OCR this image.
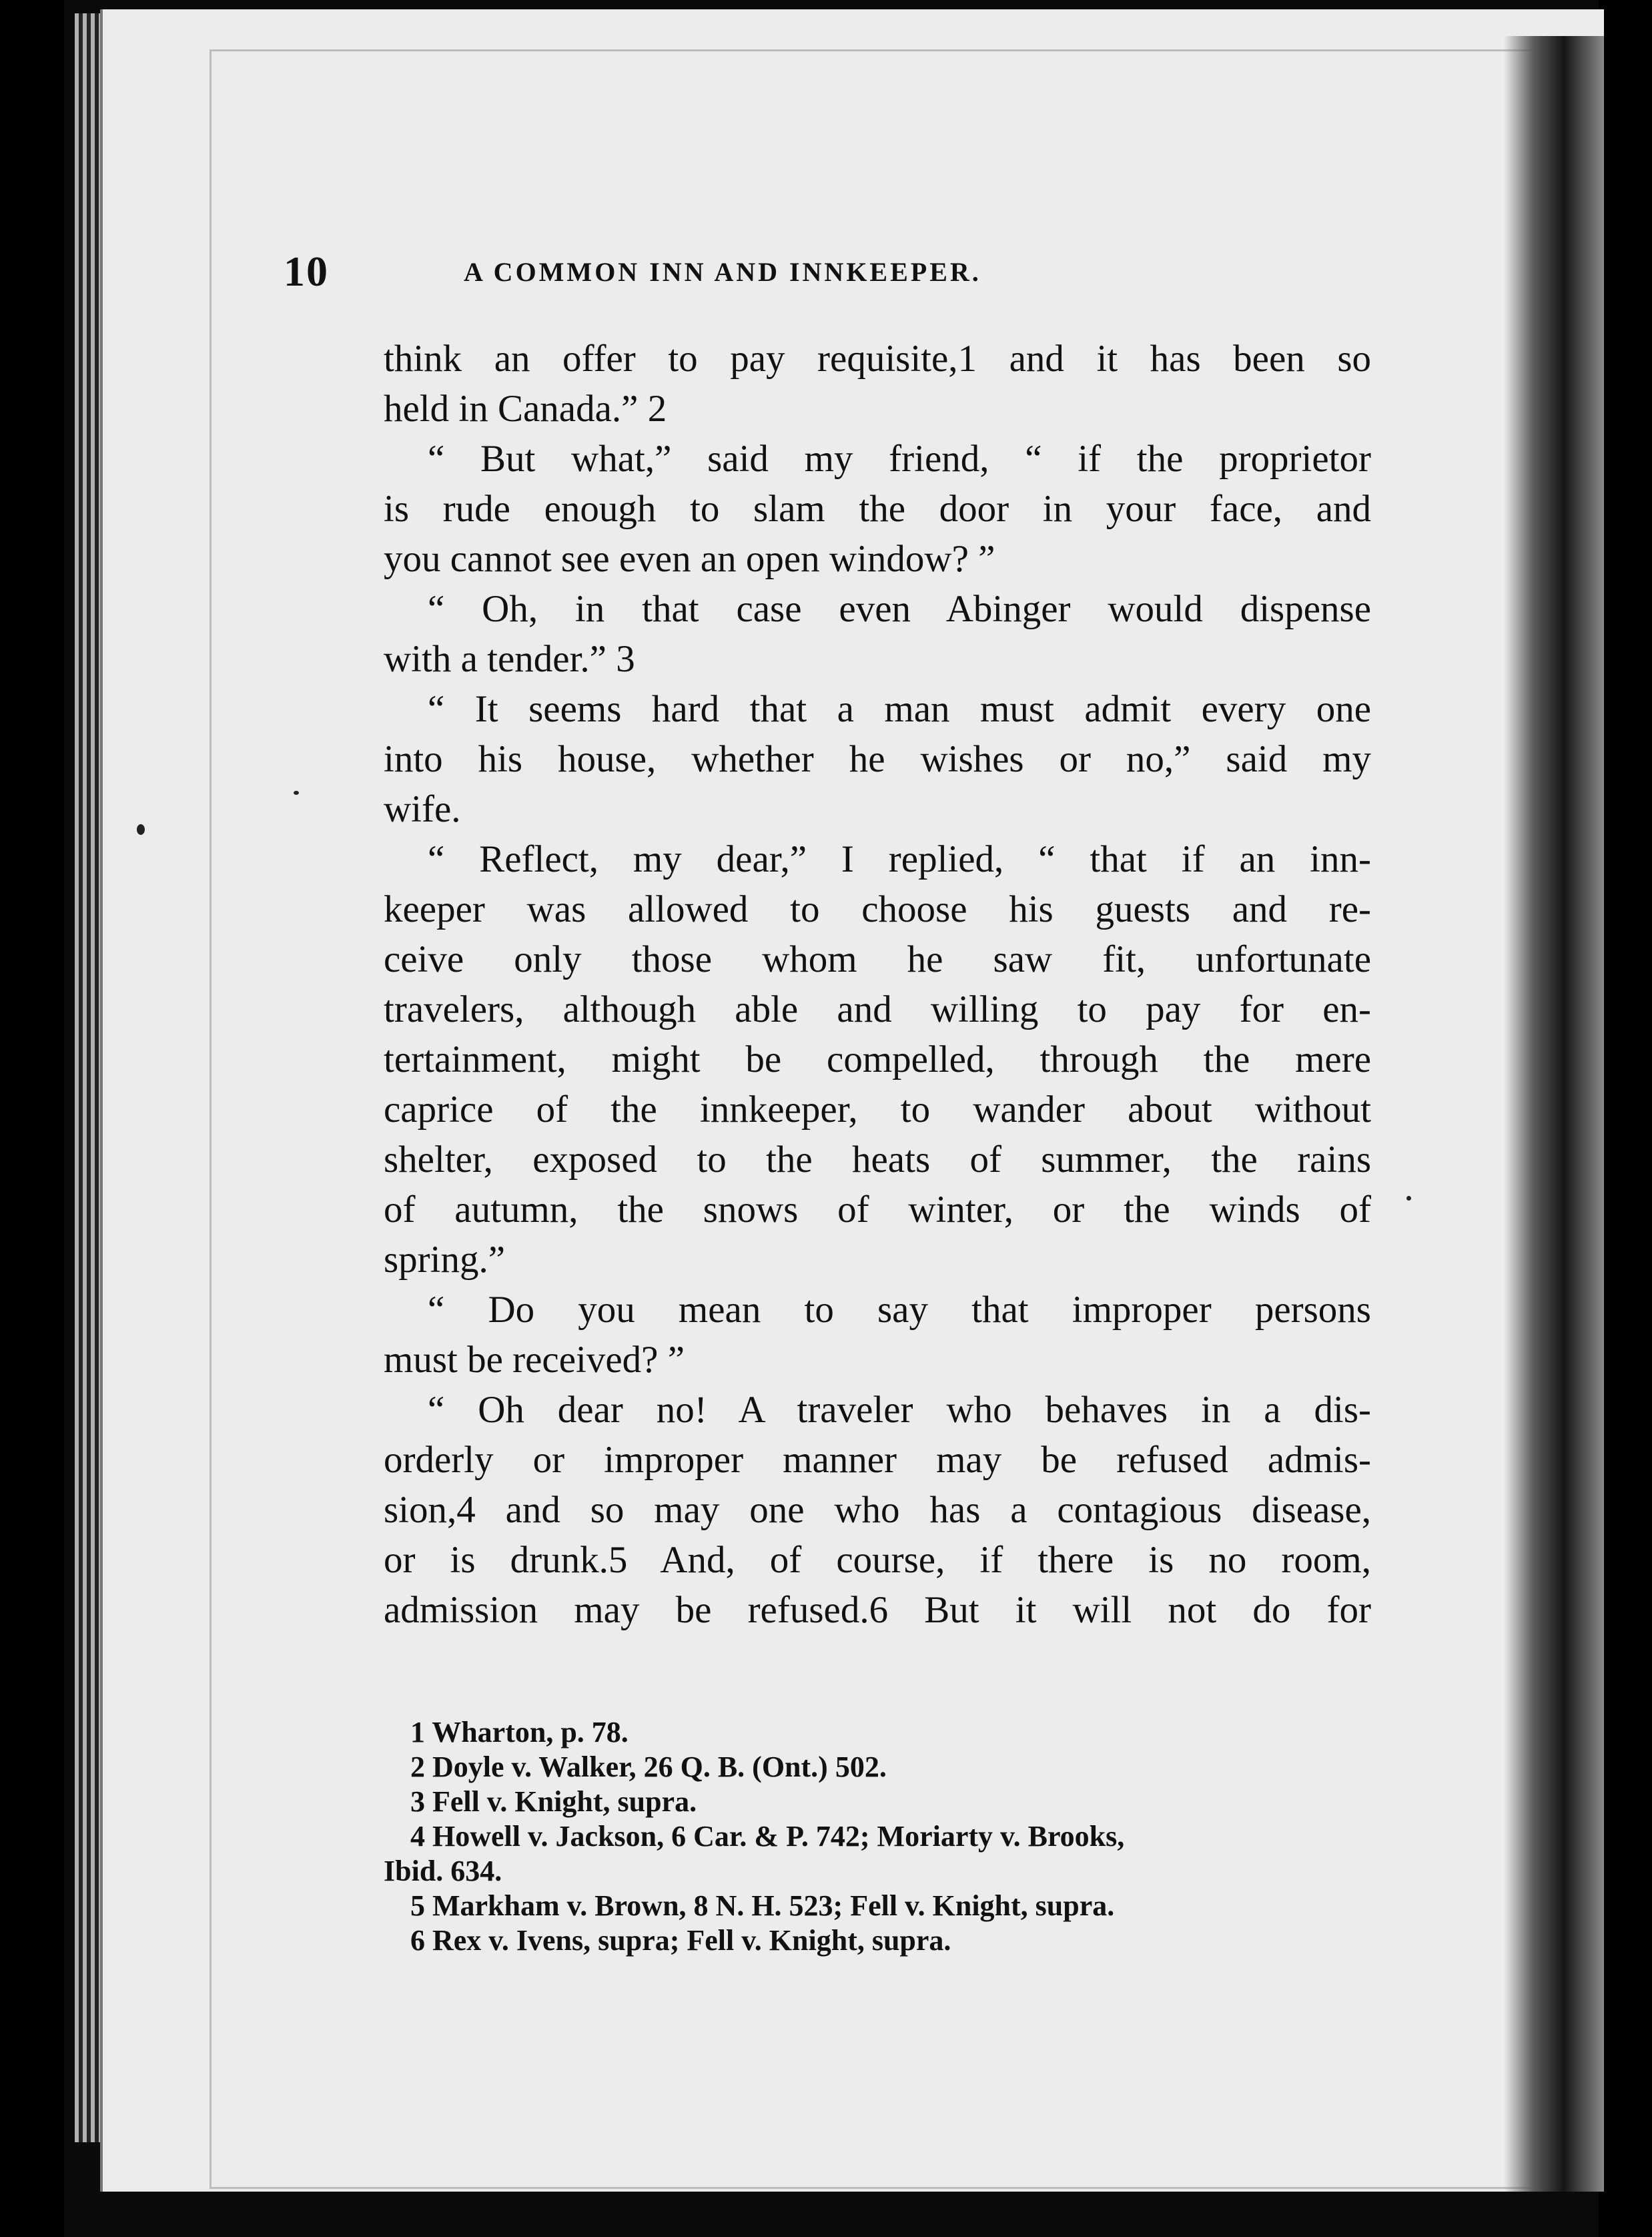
10	A COMMON INN AND INNKEEPER.
think an offer to pay requisite,1 and it has been so
held in Canada.” 2
“ But what,” said my friend, “ if the proprietor
is rude enough to slam the door in your face, and
you cannot see even an open window? ”
“ Oh, in that case even Abinger would dispense
with a tender.” 3
“ It seems hard that a man must admit every one
into his house, whether he wishes or no,” said my
wife.
“ Reflect, my dear,” I replied, “ that if an inn-
keeper was allowed to choose his guests and re-
ceive only those whom he saw fit, unfortunate
travelers, although able and willing to pay for en-
tertainment, might be compelled, through the mere
caprice of the innkeeper, to wander about without
shelter, exposed to the heats of summer, the rains
of autumn, the snows of winter, or the winds of
spring.”
“ Do you mean to say that improper persons
must be received? ”
“ Oh dear no! A traveler who behaves in a dis-
orderly or improper manner may be refused admis-
sion,4 and so may one who has a contagious disease,
or is drunk.5 And, of course, if there is no room,
admission may be refused.6 But it will not do for
1 Wharton, p. 78.
2 Doyle v. Walker, 26 Q. B. (Ont.) 502.
3 Fell v. Knight, supra.
4 Howell v. Jackson, 6 Car. & P. 742; Moriarty v. Brooks,
Ibid. 634.
5 Markham v. Brown, 8 N. H. 523; Fell v. Knight, supra.
6 Rex v. Ivens, supra; Fell v. Knight, supra.
